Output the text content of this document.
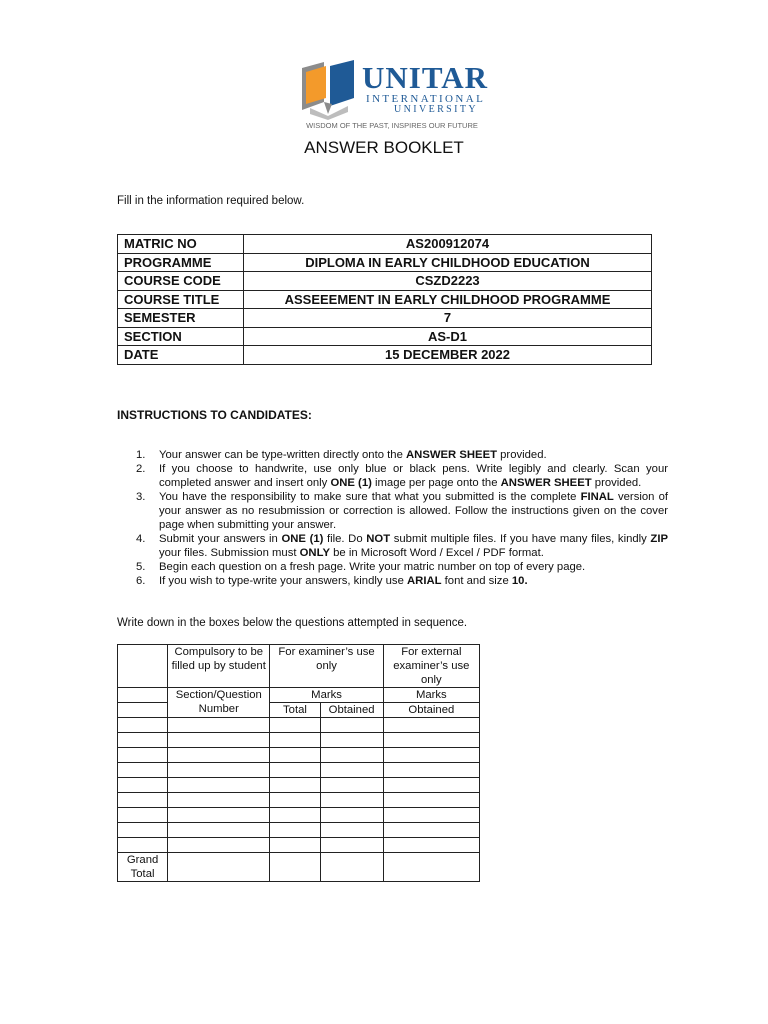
UNITAR
INTERNATIONAL
UNIVERSITY
WISDOM OF THE PAST, INSPIRES OUR FUTURE
ANSWER BOOKLET
Fill in the information required below.
MATRIC NO	AS200912074
PROGRAMME	DIPLOMA IN EARLY CHILDHOOD EDUCATION
COURSE CODE	CSZD2223
COURSE TITLE	ASSEEEMENT IN EARLY CHILDHOOD PROGRAMME
SEMESTER	7
SECTION	AS-D1
DATE	15 DECEMBER 2022
INSTRUCTIONS TO CANDIDATES:
1. Your answer can be type-written directly onto the ANSWER SHEET provided.
2. If you choose to handwrite, use only blue or black pens. Write legibly and clearly. Scan your completed answer and insert only ONE (1) image per page onto the ANSWER SHEET provided.
3. You have the responsibility to make sure that what you submitted is the complete FINAL version of your answer as no resubmission or correction is allowed. Follow the instructions given on the cover page when submitting your answer.
4. Submit your answers in ONE (1) file. Do NOT submit multiple files. If you have many files, kindly ZIP your files. Submission must ONLY be in Microsoft Word / Excel / PDF format.
5. Begin each question on a fresh page. Write your matric number on top of every page.
6. If you wish to type-write your answers, kindly use ARIAL font and size 10.
Write down in the boxes below the questions attempted in sequence.
	Compulsory to be filled up by student	For examiner’s use only		For external examiner’s use only
	Section/Question Number	Marks		Marks
		Total	Obtained	Obtained

Grand Total				
